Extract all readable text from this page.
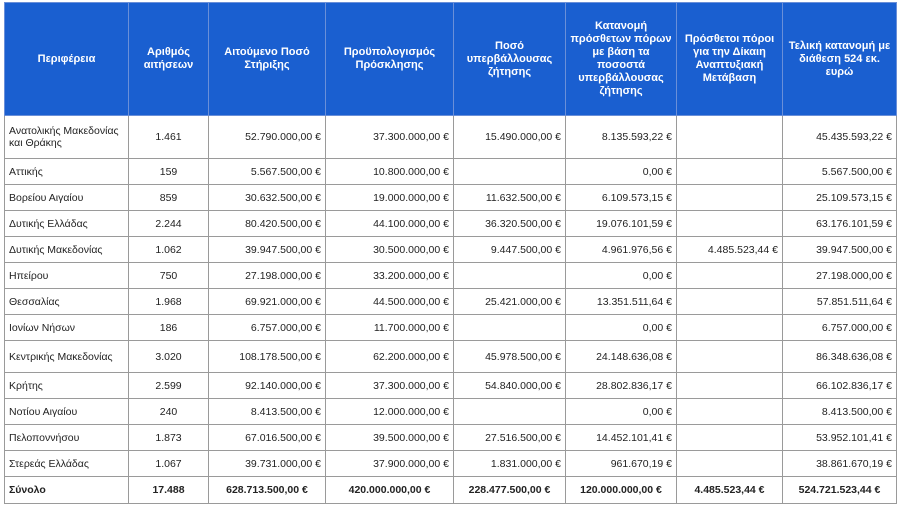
Περιφέρεια	Αριθμός αιτήσεων	Αιτούμενο Ποσό Στήριξης	Προϋπολογισμός Πρόσκλησης	Ποσό υπερβάλλουσας ζήτησης	Κατανομή πρόσθετων πόρων με βάση τα ποσοστά υπερβάλλουσας ζήτησης	Πρόσθετοι πόροι για την Δίκαιη Αναπτυξιακή Μετάβαση	Τελική κατανομή με διάθεση 524 εκ. ευρώ
Ανατολικής Μακεδονίας και Θράκης	1.461	52.790.000,00 €	37.300.000,00 €	15.490.000,00 €	8.135.593,22 €		45.435.593,22 €
Αττικής	159	5.567.500,00 €	10.800.000,00 €		0,00 €		5.567.500,00 €
Βορείου Αιγαίου	859	30.632.500,00 €	19.000.000,00 €	11.632.500,00 €	6.109.573,15 €		25.109.573,15 €
Δυτικής Ελλάδας	2.244	80.420.500,00 €	44.100.000,00 €	36.320.500,00 €	19.076.101,59 €		63.176.101,59 €
Δυτικής Μακεδονίας	1.062	39.947.500,00 €	30.500.000,00 €	9.447.500,00 €	4.961.976,56 €	4.485.523,44 €	39.947.500,00 €
Ηπείρου	750	27.198.000,00 €	33.200.000,00 €		0,00 €		27.198.000,00 €
Θεσσαλίας	1.968	69.921.000,00 €	44.500.000,00 €	25.421.000,00 €	13.351.511,64 €		57.851.511,64 €
Ιονίων Νήσων	186	6.757.000,00 €	11.700.000,00 €		0,00 €		6.757.000,00 €
Κεντρικής Μακεδονίας	3.020	108.178.500,00 €	62.200.000,00 €	45.978.500,00 €	24.148.636,08 €		86.348.636,08 €
Κρήτης	2.599	92.140.000,00 €	37.300.000,00 €	54.840.000,00 €	28.802.836,17 €		66.102.836,17 €
Νοτίου Αιγαίου	240	8.413.500,00 €	12.000.000,00 €		0,00 €		8.413.500,00 €
Πελοποννήσου	1.873	67.016.500,00 €	39.500.000,00 €	27.516.500,00 €	14.452.101,41 €		53.952.101,41 €
Στερεάς Ελλάδας	1.067	39.731.000,00 €	37.900.000,00 €	1.831.000,00 €	961.670,19 €		38.861.670,19 €
Σύνολο	17.488	628.713.500,00 €	420.000.000,00 €	228.477.500,00 €	120.000.000,00 €	4.485.523,44 €	524.721.523,44 €
